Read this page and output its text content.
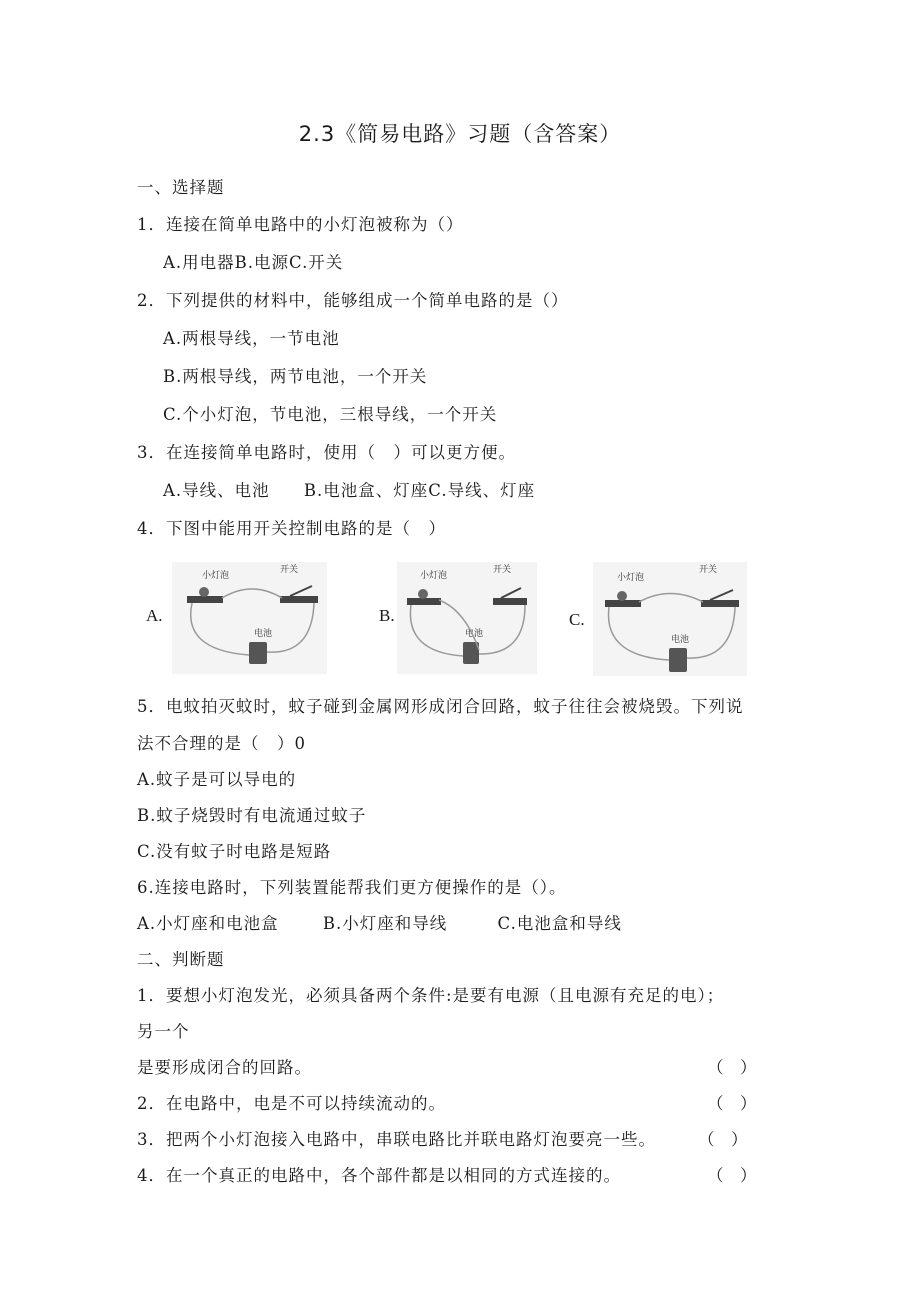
2.3《简易电路》习题（含答案）
一、选择题
1．连接在简单电路中的小灯泡被称为（）
A.用电器B.电源C.开关
2．下列提供的材料中，能够组成一个简单电路的是（）
A.两根导线，一节电池
B.两根导线，两节电池，一个开关
C.个小灯泡，节电池，三根导线，一个开关
3．在连接简单电路时，使用（　）可以更方便。
A.导线、电池 B.电池盒、灯座C.导线、灯座
4．下图中能用开关控制电路的是（　）
A.
小灯泡
开关
电池
B.
小灯泡
开关
电池
C.
小灯泡
开关
电池
5．电蚊拍灭蚊时，蚊子碰到金属网形成闭合回路，蚊子往往会被烧毁。下列说
法不合理的是（　）0
A.蚊子是可以导电的
B.蚊子烧毁时有电流通过蚊子
C.没有蚊子时电路是短路
6.连接电路时，下列装置能帮我们更方便操作的是（）。
A.小灯座和电池盒	B.小灯座和导线	C.电池盒和导线
二、判断题
1．要想小灯泡发光，必须具备两个条件:是要有电源（且电源有充足的电）；
另一个
是要形成闭合的回路。	（　）
2．在电路中，电是不可以持续流动的。	（　）
3．把两个小灯泡接入电路中，串联电路比并联电路灯泡要亮一些。	（　）
4．在一个真正的电路中，各个部件都是以相同的方式连接的。	（　）
